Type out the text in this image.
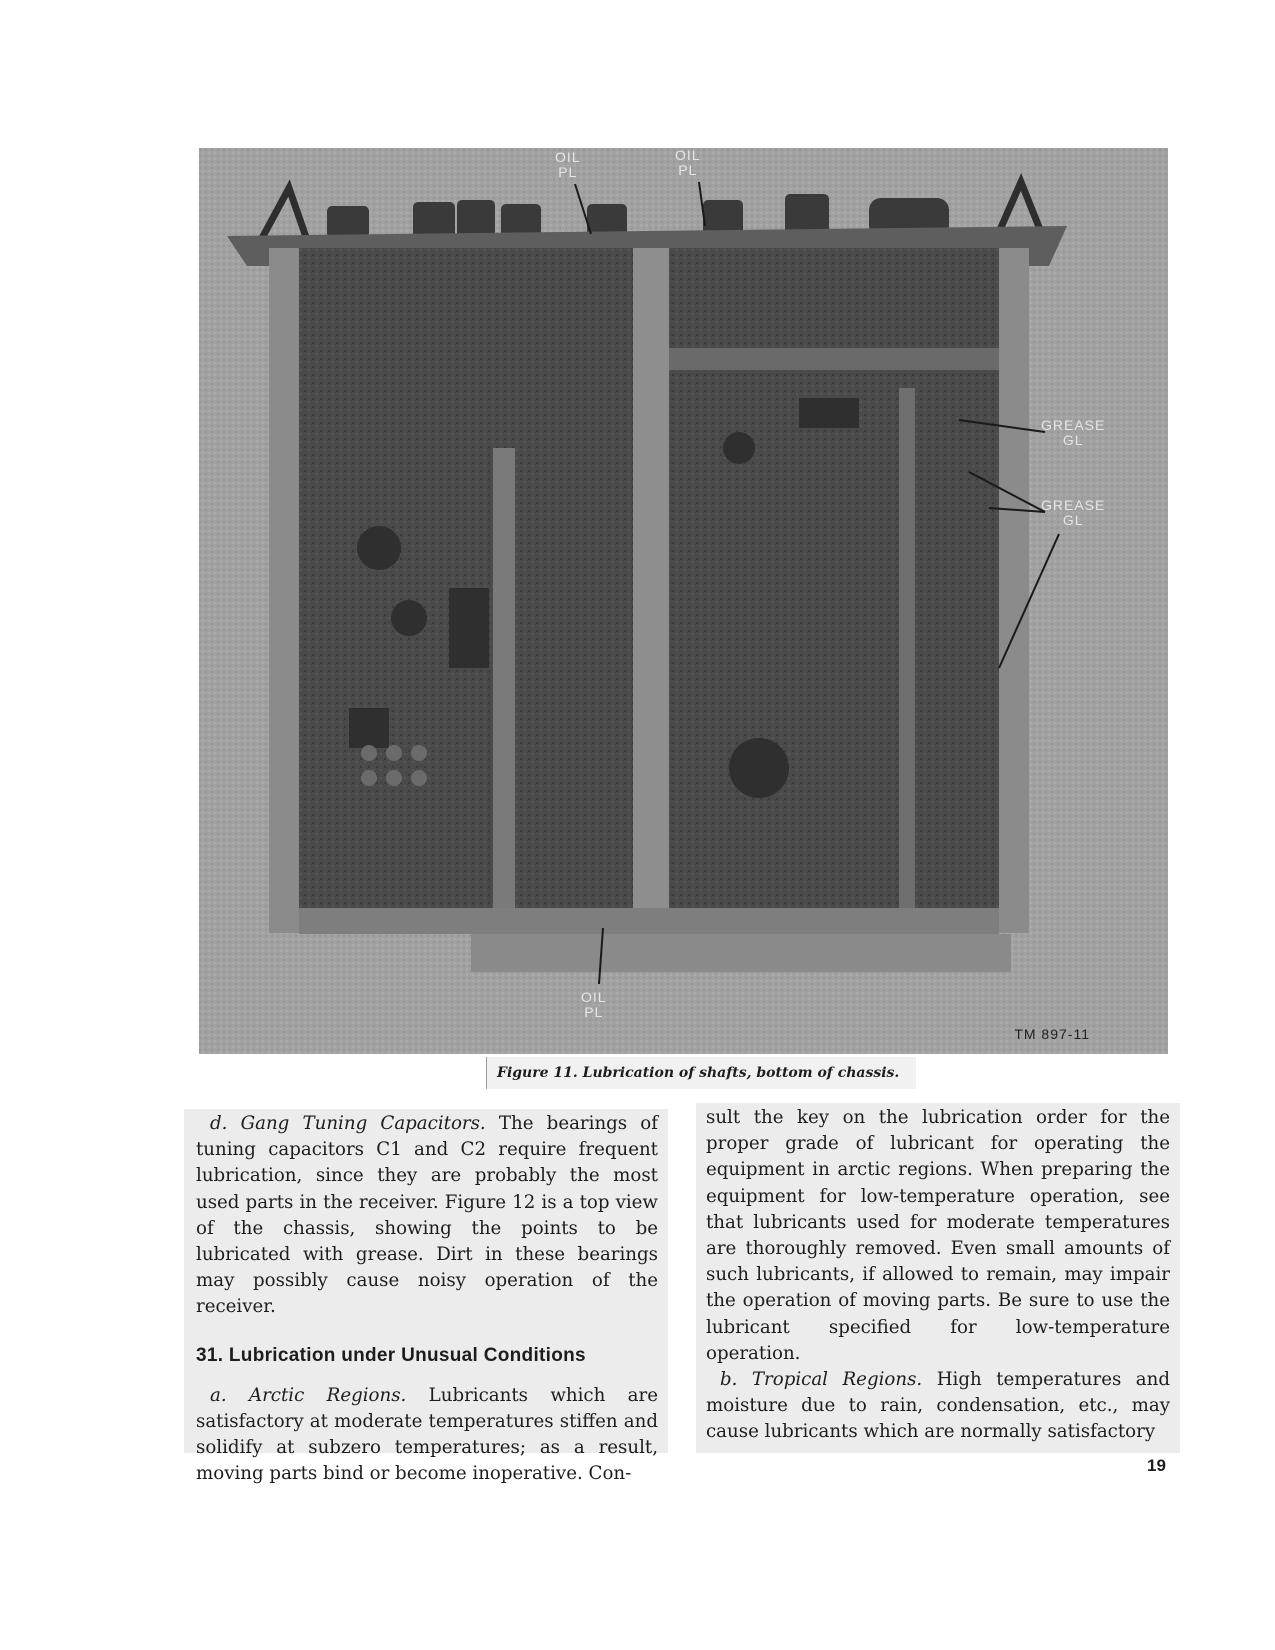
OIL
PL
OIL
PL
GREASE
GL
GREASE
GL
OIL
PL
TM 897-11
Figure 11. Lubrication of shafts, bottom of chassis.

d. Gang Tuning Capacitors. The bearings of tuning capacitors C1 and C2 require frequent lubrication, since they are probably the most used parts in the receiver. Figure 12 is a top view of the chassis, showing the points to be lubricated with grease. Dirt in these bearings may possibly cause noisy operation of the receiver.

31. Lubrication under Unusual Conditions

a. Arctic Regions. Lubricants which are satisfactory at moderate temperatures stiffen and solidify at subzero temperatures; as a result, moving parts bind or become inoperative. Con-

sult the key on the lubrication order for the proper grade of lubricant for operating the equipment in arctic regions. When preparing the equipment for low-temperature operation, see that lubricants used for moderate temperatures are thoroughly removed. Even small amounts of such lubricants, if allowed to remain, may impair the operation of moving parts. Be sure to use the lubricant specified for low-temperature operation.

b. Tropical Regions. High temperatures and moisture due to rain, condensation, etc., may cause lubricants which are normally satisfactory

19
